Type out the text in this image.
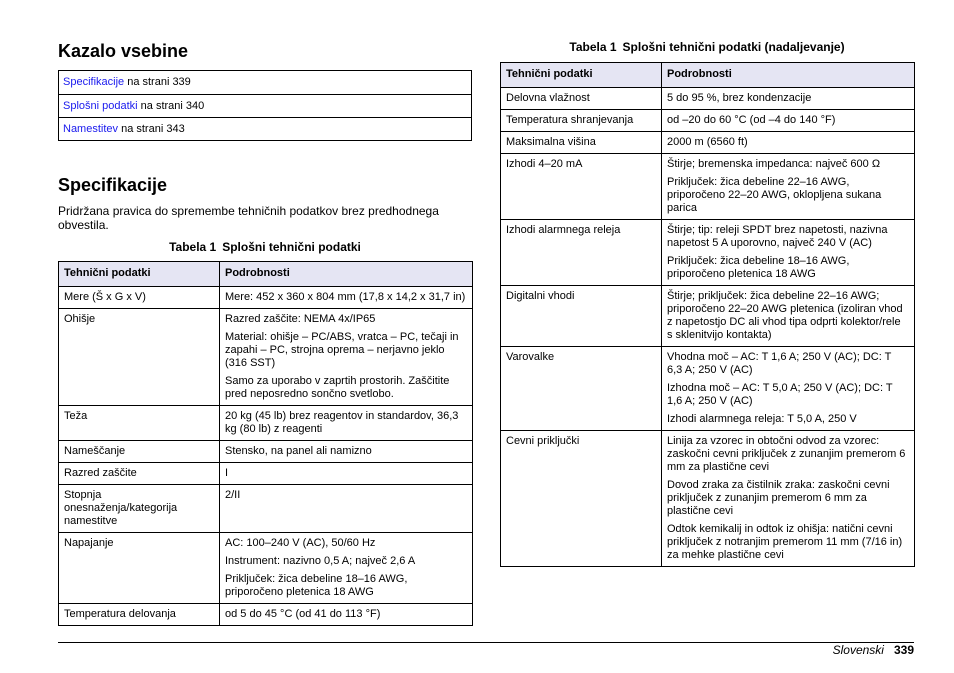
Kazalo vsebine
Specifikacije na strani 339
Splošni podatki na strani 340
Namestitev na strani 343
Specifikacije
Pridržana pravica do spremembe tehničnih podatkov brez predhodnega obvestila.

Tabela 1 Splošni tehnični podatki

Tehnični podatki	Podrobnosti
Mere (Š x G x V)	Mere: 452 x 360 x 804 mm (17,8 x 14,2 x 31,7 in)

Ohišje	Razred zaščite: NEMA 4x/IP65

Material: ohišje – PC/ABS, vratca – PC, tečaji in zapahi – PC, strojna oprema – nerjavno jeklo (316 SST)

Samo za uporabo v zaprtih prostorih. Zaščitite pred neposredno sončno svetlobo.

Teža	20 kg (45 lb) brez reagentov in standardov, 36,3 kg (80 lb) z reagenti

Nameščanje	Stensko, na panel ali namizno

Razred zaščite	I

Stopnja onesnaženja/kategorija namestitve	2/II

Napajanje	AC: 100–240 V (AC), 50/60 Hz

Instrument: nazivno 0,5 A; največ 2,6 A

Priključek: žica debeline 18–16 AWG, priporočeno pletenica 18 AWG

Temperatura delovanja	od 5 do 45 °C (od 41 do 113 °F)

Tabela 1 Splošni tehnični podatki (nadaljevanje)

Tehnični podatki	Podrobnosti
Delovna vlažnost	5 do 95 %, brez kondenzacije

Temperatura shranjevanja	od –20 do 60 °C (od –4 do 140 °F)

Maksimalna višina	2000 m (6560 ft)

Izhodi 4–20 mA	Štirje; bremenska impedanca: največ 600 Ω

Priključek: žica debeline 22–16 AWG, priporočeno 22–20 AWG, okloplјena sukana parica

Izhodi alarmnega releja	Štirje; tip: releji SPDT brez napetosti, nazivna napetost 5 A uporovno, največ 240 V (AC)

Priključek: žica debeline 18–16 AWG, priporočeno pletenica 18 AWG

Digitalni vhodi	Štirje; priključek: žica debeline 22–16 AWG; priporočeno 22–20 AWG pletenica (izoliran vhod z napetostjo DC ali vhod tipa odprti kolektor/rele s sklenitvijo kontakta)

Varovalke	Vhodna moč – AC: T 1,6 A; 250 V (AC); DC: T 6,3 A; 250 V (AC)

Izhodna moč – AC: T 5,0 A; 250 V (AC); DC: T 1,6 A; 250 V (AC)

Izhodi alarmnega releja: T 5,0 A, 250 V

Cevni priključki	Linija za vzorec in obtočni odvod za vzorec: zaskočni cevni priključek z zunanjim premerom 6 mm za plastične cevi

Dovod zraka za čistilnik zraka: zaskočni cevni priključek z zunanjim premerom 6 mm za plastične cevi

Odtok kemikalij in odtok iz ohišja: natični cevni priključek z notranjim premerom 11 mm (7/16 in) za mehke plastične cevi

Slovenski 339
